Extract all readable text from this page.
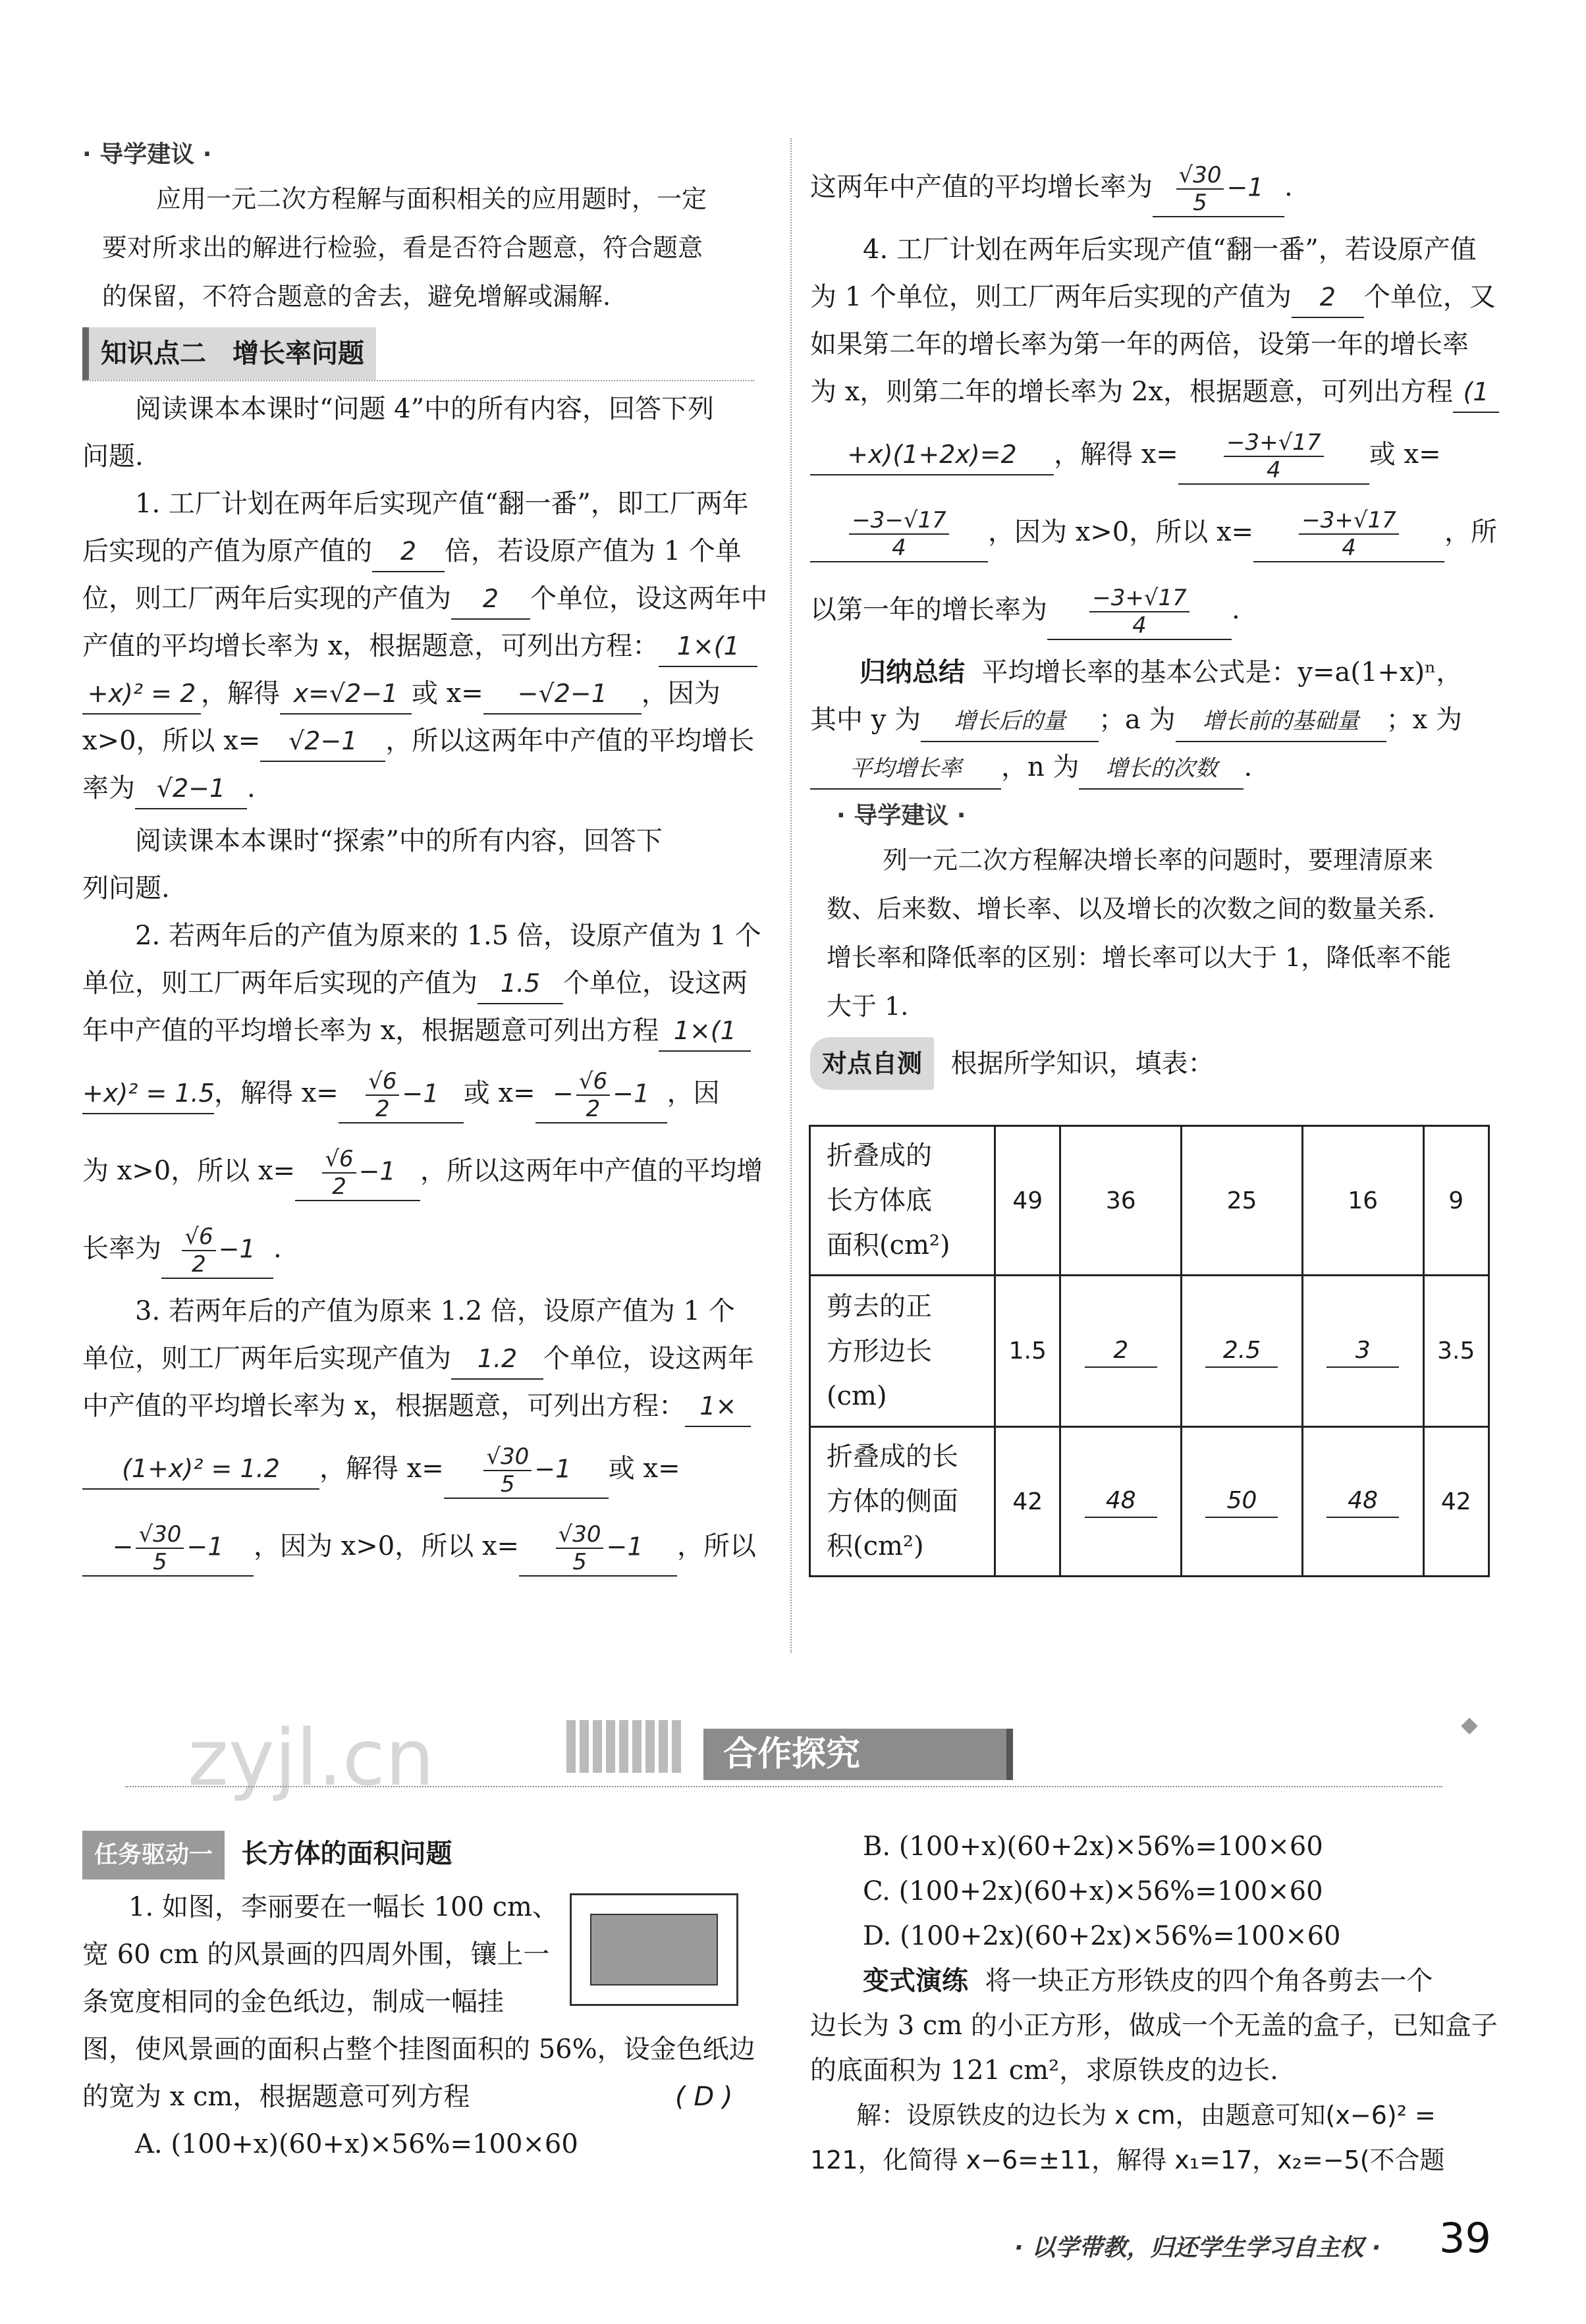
· 导学建议 ·

应用一元二次方程解与面积相关的应用题时，一定

要对所求出的解进行检验，看是否符合题意，符合题意

的保留，不符合题意的舍去，避免增解或漏解.

知识点二　增长率问题

阅读课本本课时“问题 4”中的所有内容，回答下列

问题.

1. 工厂计划在两年后实现产值“翻一番”，即工厂两年

后实现的产值为原产值的 2 倍，若设原产值为 1 个单

位，则工厂两年后实现的产值为 2 个单位，设这两年中

产值的平均增长率为 x，根据题意，可列出方程： 1×(1

+x)² = 2 ，解得 x=√2−1 或 x= −√2−1 ，因为

x>0，所以 x= √2−1 ，所以这两年中产值的平均增长

率为 √2−1 .

阅读课本本课时“探索”中的所有内容，回答下

列问题.

2. 若两年后的产值为原来的 1.5 倍，设原产值为 1 个

单位，则工厂两年后实现的产值为 1.5 个单位，设这两

年中产值的平均增长率为 x，根据题意可列出方程 1×(1

+x)² = 1.5，解得 $x= \frac{√6}{2} -1$ 或 $x= - \frac{√6}{2} -1$ ，因

为 x>0，所以 $x= \frac{√6}{2} -1$ ，所以这两年中产值的平均增

长率为 $\frac{√6}{2} -1$ .

3. 若两年后的产值为原来 1.2 倍，设原产值为 1 个

单位，则工厂两年后实现产值为 1.2 个单位，设这两年

中产值的平均增长率为 x，根据题意，可列出方程： 1×

(1+x)² = 1.2 ，解得 $x= \frac{√30}{5} -1$ 或 x=

− $\frac{√30}{5} -1$ ，因为 x>0，所以 $x= \frac{√30}{5} -1$ ，所以

这两年中产值的平均增长率为 $\frac{√30}{5} -1$ .

4. 工厂计划在两年后实现产值“翻一番”，若设原产值

为 1 个单位，则工厂两年后实现的产值为 2 个单位，又

如果第二年的增长率为第一年的两倍，设第一年的增长率

为 x，则第二年的增长率为 2x，根据题意，可列出方程 (1

+x)(1+2x)=2 ，解得 $x= \frac{-3+√17}{4}$ 或 x=

$\frac{-3-√17}{4}$ ，因为 x>0，所以 $x= \frac{-3+√17}{4}$ ，所

以第一年的增长率为 $\frac{-3+√17}{4}$ .

归纳总结 平均增长率的基本公式是：y=a(1+x)ⁿ，

其中 y 为 增长后的量 ；a 为 增长前的基础量 ；x 为

平均增长率 ，n 为 增长的次数 .

· 导学建议 ·

列一元二次方程解决增长率的问题时，要理清原来

数、后来数、增长率、以及增长的次数之间的数量关系.

增长率和降低率的区别：增长率可以大于 1，降低率不能

大于 1.

对点自测 根据所学知识，填表：

折叠成的
长方体底
面积(cm²)	49	36	25	16	9
剪去的正
方形边长
(cm)	1.5	2	2.5	3	3.5
折叠成的长
方体的侧面
积(cm²)	42	48	50	48	42
zyjl.cn	合作探究

任务驱动一 长方体的面积问题

1. 如图，李丽要在一幅长 100 cm、

宽 60 cm 的风景画的四周外围，镶上一

条宽度相同的金色纸边，制成一幅挂

图，使风景画的面积占整个挂图面积的 56%，设金色纸边

的宽为 x cm，根据题意可列方程	( D )

A. (100+x)(60+x)×56%=100×60

B. (100+x)(60+2x)×56%=100×60

C. (100+2x)(60+x)×56%=100×60

D. (100+2x)(60+2x)×56%=100×60

变式演练 将一块正方形铁皮的四个角各剪去一个

边长为 3 cm 的小正方形，做成一个无盖的盒子，已知盒子

的底面积为 121 cm²，求原铁皮的边长.

解：设原铁皮的边长为 x cm，由题意可知(x−6)² =

121，化简得 x−6=±11，解得 x₁=17，x₂=−5(不合题

· 以学带教，归还学生学习自主权 · 39
